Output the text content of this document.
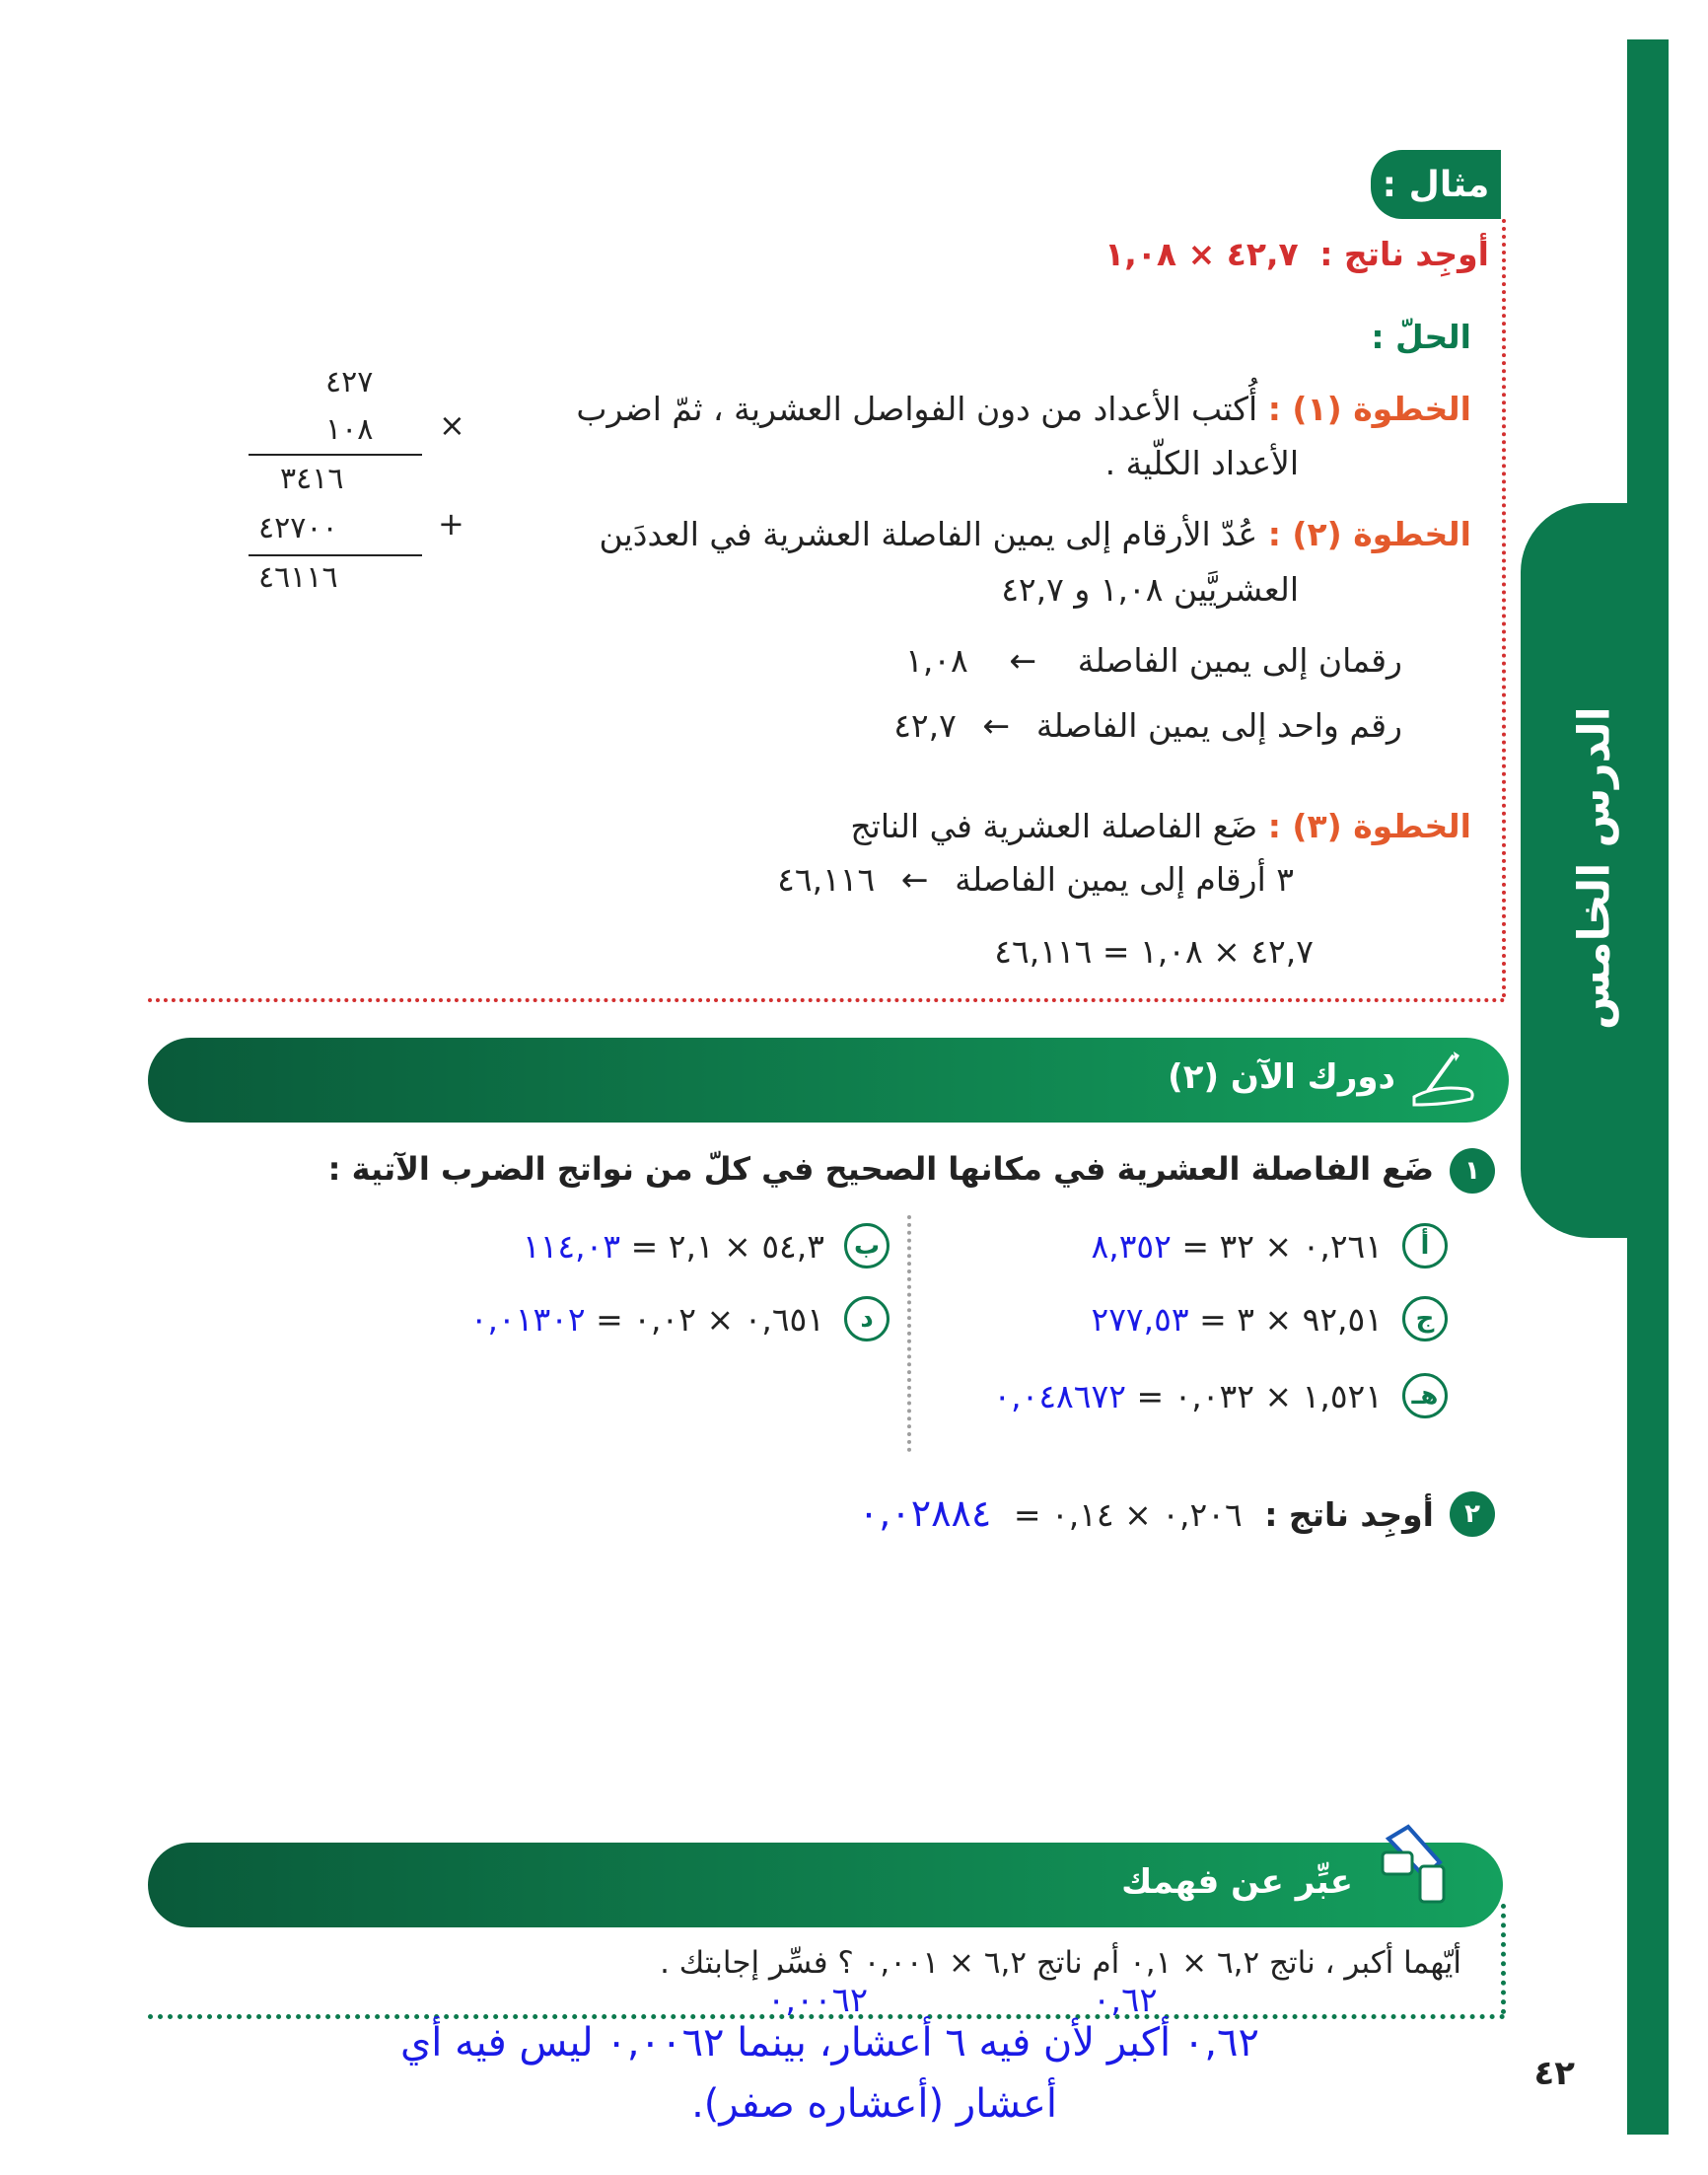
الدرس الخامس
مثال :
أوجِد ناتج : ٤٢,٧ × ١,٠٨
الحلّ :
الخطوة (١) : أُكتب الأعداد من دون الفواصل العشرية ، ثمّ اضرب
الأعداد الكلّية .
الخطوة (٢) : عُدّ الأرقام إلى يمين الفاصلة العشرية في العددَين
العشريَّين ١,٠٨ و ٤٢,٧
رقمان إلى يمين الفاصلة ← ١,٠٨
رقم واحد إلى يمين الفاصلة ← ٤٢,٧
الخطوة (٣) : ضَع الفاصلة العشرية في الناتج
٣ أرقام إلى يمين الفاصلة ← ٤٦,١١٦
٤٢,٧ × ١,٠٨ = ٤٦,١١٦
٤٢٧
١٠٨	×
٣٤١٦
٤٢٧٠٠	+
٤٦١١٦
دورك الآن (٢)
١
ضَع الفاصلة العشرية في مكانها الصحيح في كلّ من نواتج الضرب الآتية :
أ
٠,٢٦١ × ٣٢ = ٨,٣٥٢
ب
٥٤,٣ × ٢,١ = ١١٤,٠٣
ج
٩٢,٥١ × ٣ = ٢٧٧,٥٣
د
٠,٦٥١ × ٠,٠٢ = ٠,٠١٣٠٢
هـ
١,٥٢١ × ٠,٠٣٢ = ٠,٠٤٨٦٧٢
٢
أوجِد ناتج : ٠,٢٠٦ × ٠,١٤ = ٠,٠٢٨٨٤
عبِّر عن فهمك
أيّهما أكبر ، ناتج ٦,٢ × ٠,١ أم ناتج ٦,٢ × ٠,٠٠١ ؟ فسِّر إجابتك .
٠,٠٠٦٢	٠,٦٢
٠,٦٢ أكبر لأن فيه ٦ أعشار، بينما ٠,٠٠٦٢ ليس فيه أي
أعشار (أعشاره صفر).
٤٢
